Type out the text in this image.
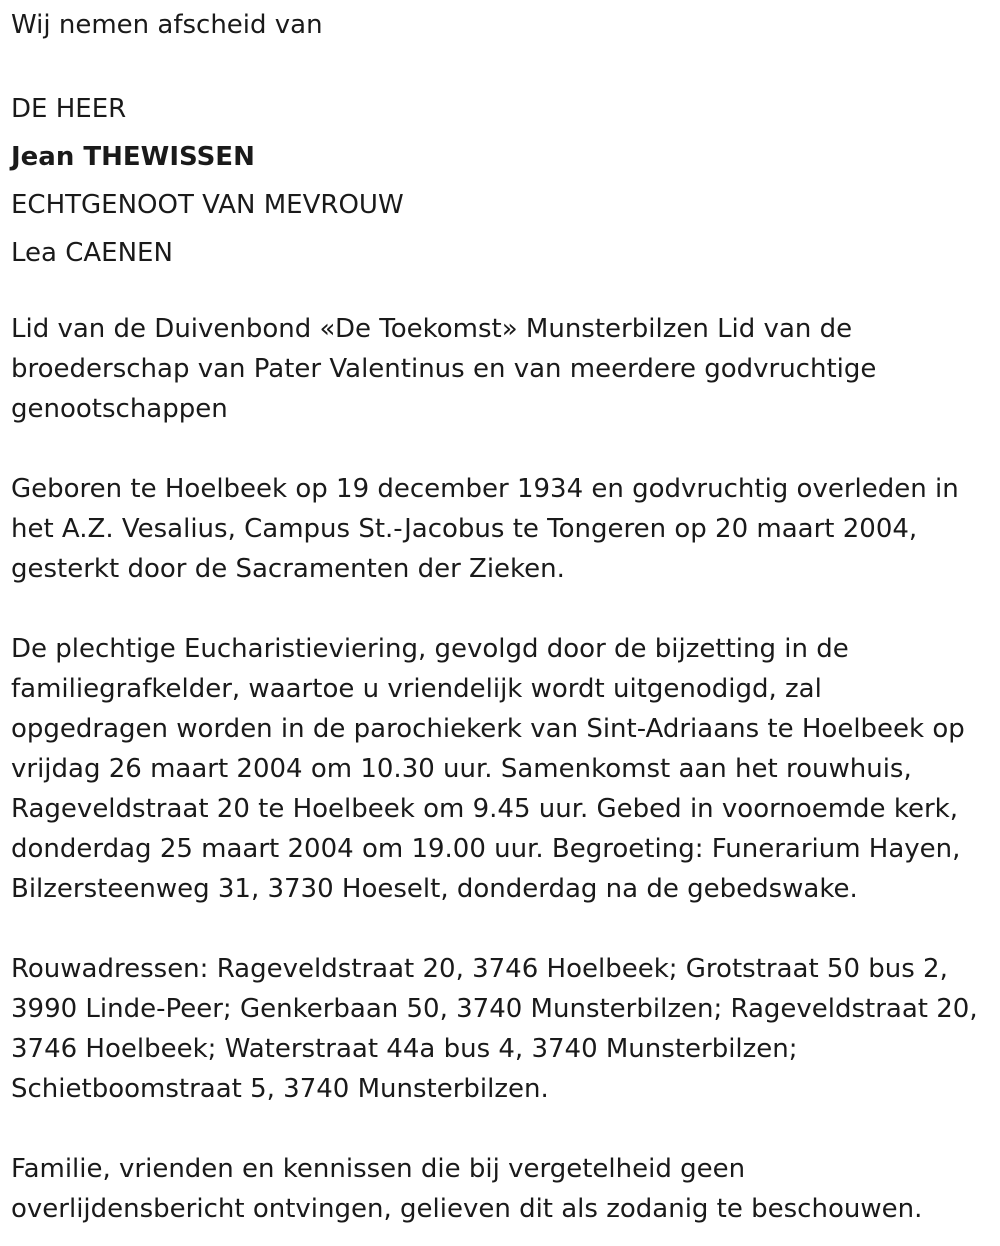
Wij nemen afscheid van

DE HEER

Jean THEWISSEN

ECHTGENOOT VAN MEVROUW

Lea CAENEN

Lid van de Duivenbond «De Toekomst» Munsterbilzen Lid van de
broederschap van Pater Valentinus en van meerdere godvruchtige
genootschappen

Geboren te Hoelbeek op 19 december 1934 en godvruchtig overleden in
het A.Z. Vesalius, Campus St.-Jacobus te Tongeren op 20 maart 2004,
gesterkt door de Sacramenten der Zieken.

De plechtige Eucharistieviering, gevolgd door de bijzetting in de
familiegrafkelder, waartoe u vriendelijk wordt uitgenodigd, zal
opgedragen worden in de parochiekerk van Sint-Adriaans te Hoelbeek op
vrijdag 26 maart 2004 om 10.30 uur. Samenkomst aan het rouwhuis,
Rageveldstraat 20 te Hoelbeek om 9.45 uur. Gebed in voornoemde kerk,
donderdag 25 maart 2004 om 19.00 uur. Begroeting: Funerarium Hayen,
Bilzersteenweg 31, 3730 Hoeselt, donderdag na de gebedswake.

Rouwadressen: Rageveldstraat 20, 3746 Hoelbeek; Grotstraat 50 bus 2,
3990 Linde-Peer; Genkerbaan 50, 3740 Munsterbilzen; Rageveldstraat 20,
3746 Hoelbeek; Waterstraat 44a bus 4, 3740 Munsterbilzen;
Schietboomstraat 5, 3740 Munsterbilzen.

Familie, vrienden en kennissen die bij vergetelheid geen
overlijdensbericht ontvingen, gelieven dit als zodanig te beschouwen.
